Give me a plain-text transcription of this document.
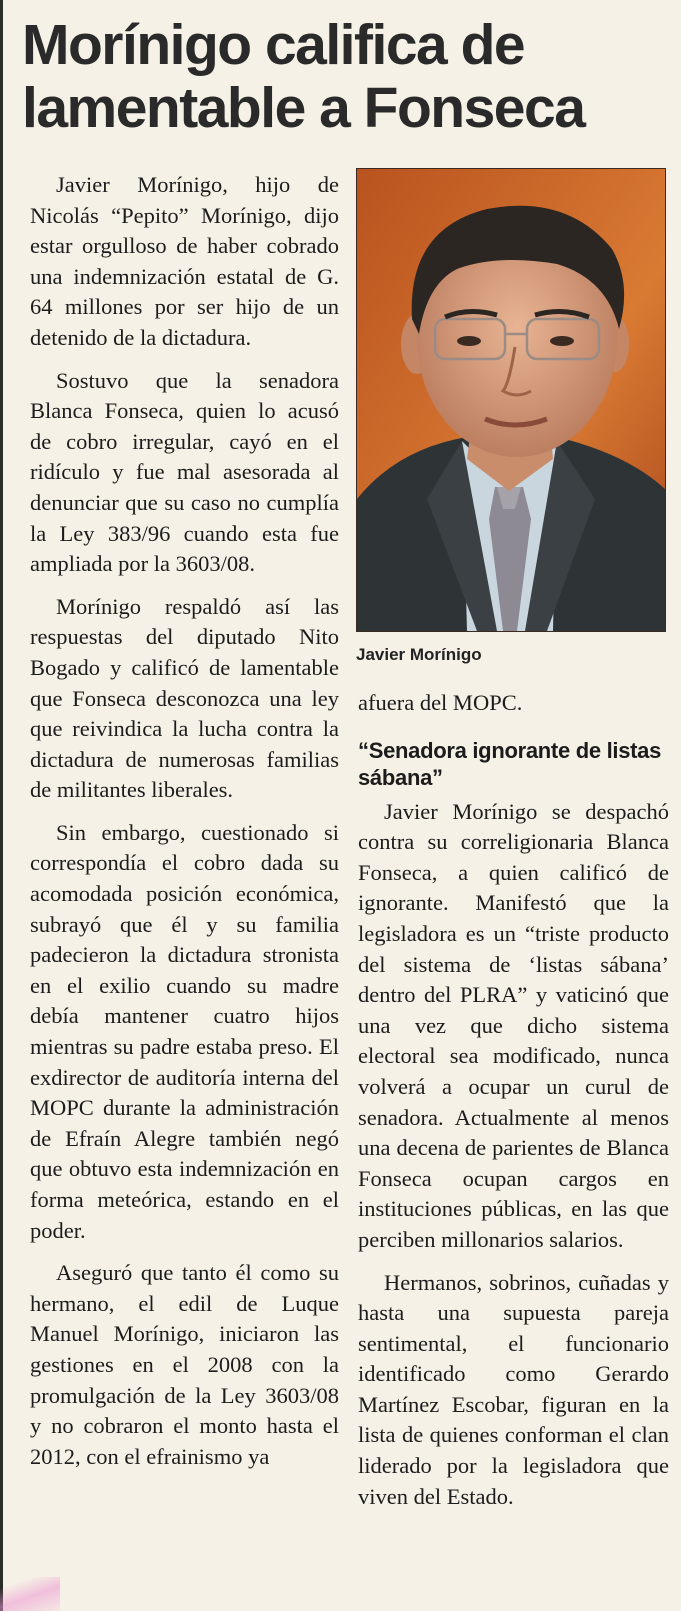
Morínigo califica de lamentable a Fonseca

Javier Morínigo, hijo de Nicolás “Pepito” Morínigo, dijo estar orgulloso de haber cobrado una indemnización estatal de G. 64 millones por ser hijo de un detenido de la dictadura.

Sostuvo que la senadora Blanca Fonseca, quien lo acusó de cobro irregular, cayó en el ridículo y fue mal asesorada al denunciar que su caso no cumplía la Ley 383/96 cuando esta fue ampliada por la 3603/08.

Morínigo respaldó así las respuestas del diputado Nito Bogado y calificó de lamentable que Fonseca desconozca una ley que reivindica la lucha contra la dictadura de numerosas familias de militantes liberales.

Sin embargo, cuestionado si correspondía el cobro dada su acomodada posición económica, subrayó que él y su familia padecieron la dictadura stronista en el exilio cuando su madre debía mantener cuatro hijos mientras su padre estaba preso. El exdirector de auditoría interna del MOPC durante la administración de Efraín Alegre también negó que obtuvo esta indemnización en forma meteórica, estando en el poder.

Aseguró que tanto él como su hermano, el edil de Luque Manuel Morínigo, iniciaron las gestiones en el 2008 con la promulgación de la Ley 3603/08 y no cobraron el monto hasta el 2012, con el efrainismo ya

Javier Morínigo

afuera del MOPC.

“Senadora ignorante de listas sábana”

Javier Morínigo se despachó contra su correligionaria Blanca Fonseca, a quien calificó de ignorante. Manifestó que la legisladora es un “triste producto del sistema de ‘listas sábana’ dentro del PLRA” y vaticinó que una vez que dicho sistema electoral sea modificado, nunca volverá a ocupar un curul de senadora. Actualmente al menos una decena de parientes de Blanca Fonseca ocupan cargos en instituciones públicas, en las que perciben millonarios salarios.

Hermanos, sobrinos, cuñadas y hasta una supuesta pareja sentimental, el funcionario identificado como Gerardo Martínez Escobar, figuran en la lista de quienes conforman el clan liderado por la legisladora que viven del Estado.
